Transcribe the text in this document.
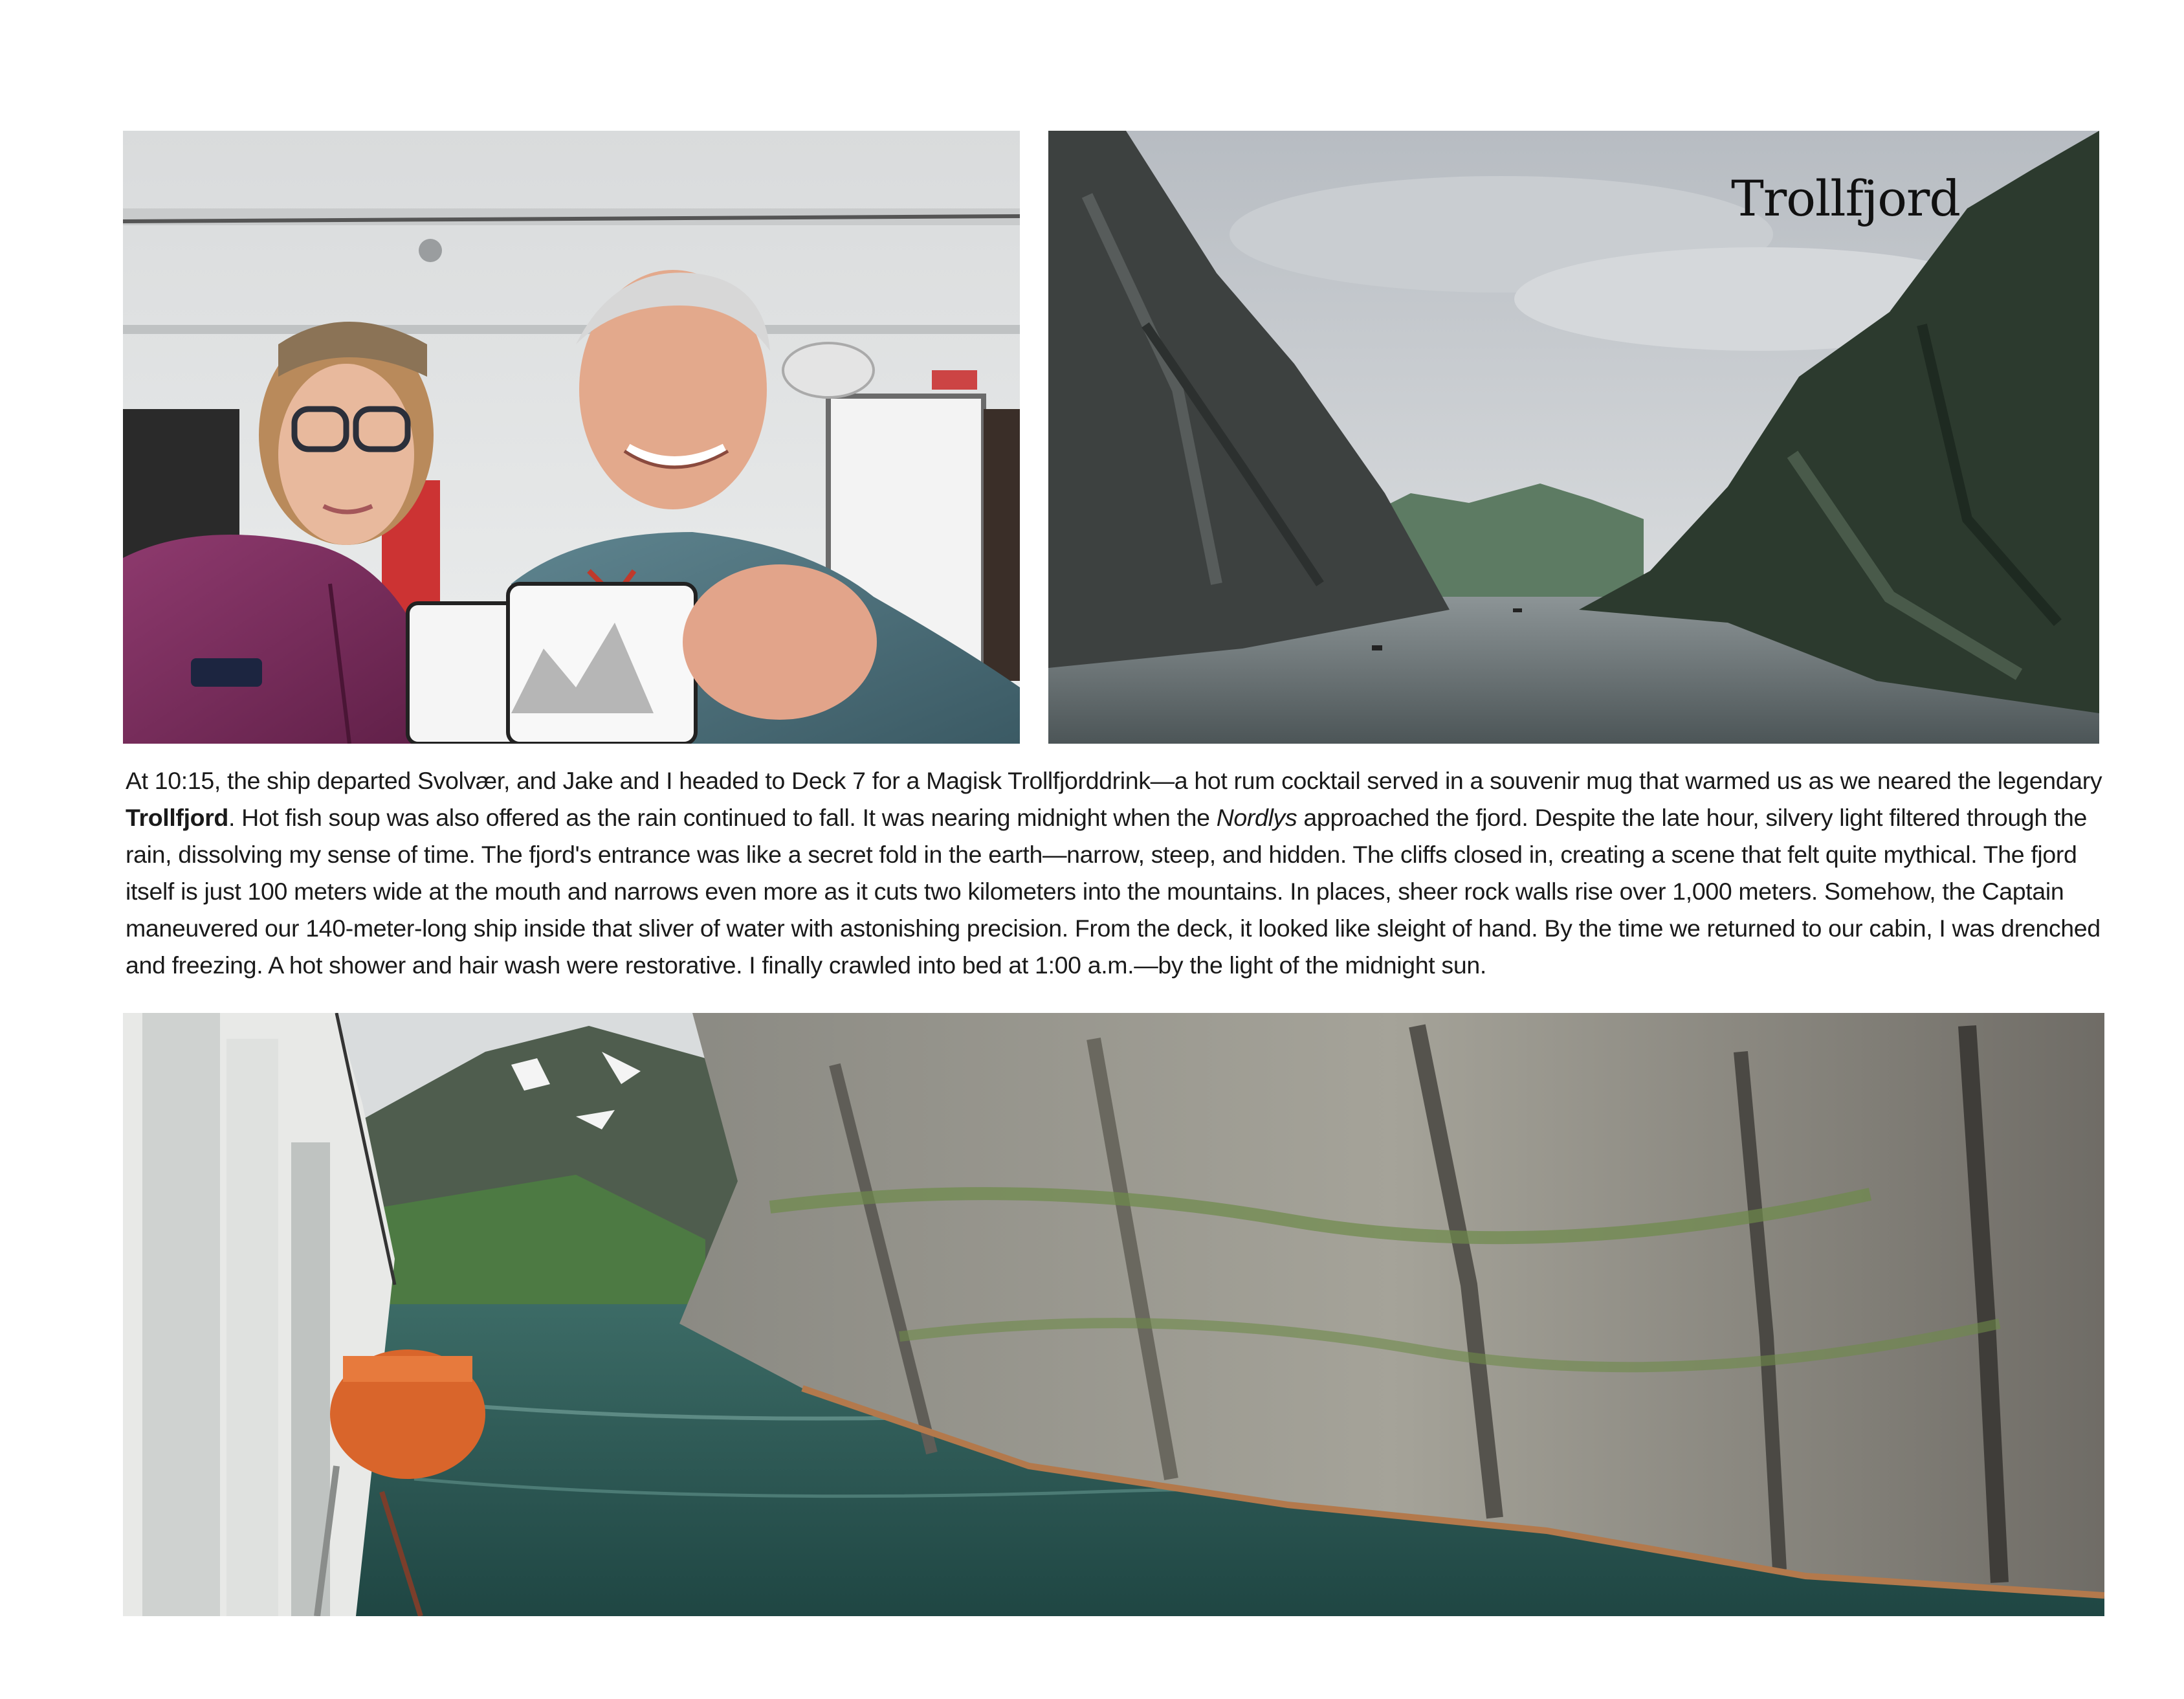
Trollfjord

At 10:15, the ship departed Svolvær, and Jake and I headed to Deck 7 for a Magisk Trollfjorddrink—a hot rum cocktail served in a souvenir mug that warmed us as we neared the legendary Trollfjord. Hot fish soup was also offered as the rain continued to fall. It was nearing midnight when the Nordlys approached the fjord. Despite the late hour, silvery light filtered through the rain, dissolving my sense of time. The fjord's entrance was like a secret fold in the earth—narrow, steep, and hidden. The cliffs closed in, creating a scene that felt quite mythical. The fjord itself is just 100 meters wide at the mouth and narrows even more as it cuts two kilometers into the mountains. In places, sheer rock walls rise over 1,000 meters. Somehow, the Captain maneuvered our 140-meter-long ship inside that sliver of water with astonishing precision. From the deck, it looked like sleight of hand. By the time we returned to our cabin, I was drenched and freezing. A hot shower and hair wash were restorative. I finally crawled into bed at 1:00 a.m.—by the light of the midnight sun.
